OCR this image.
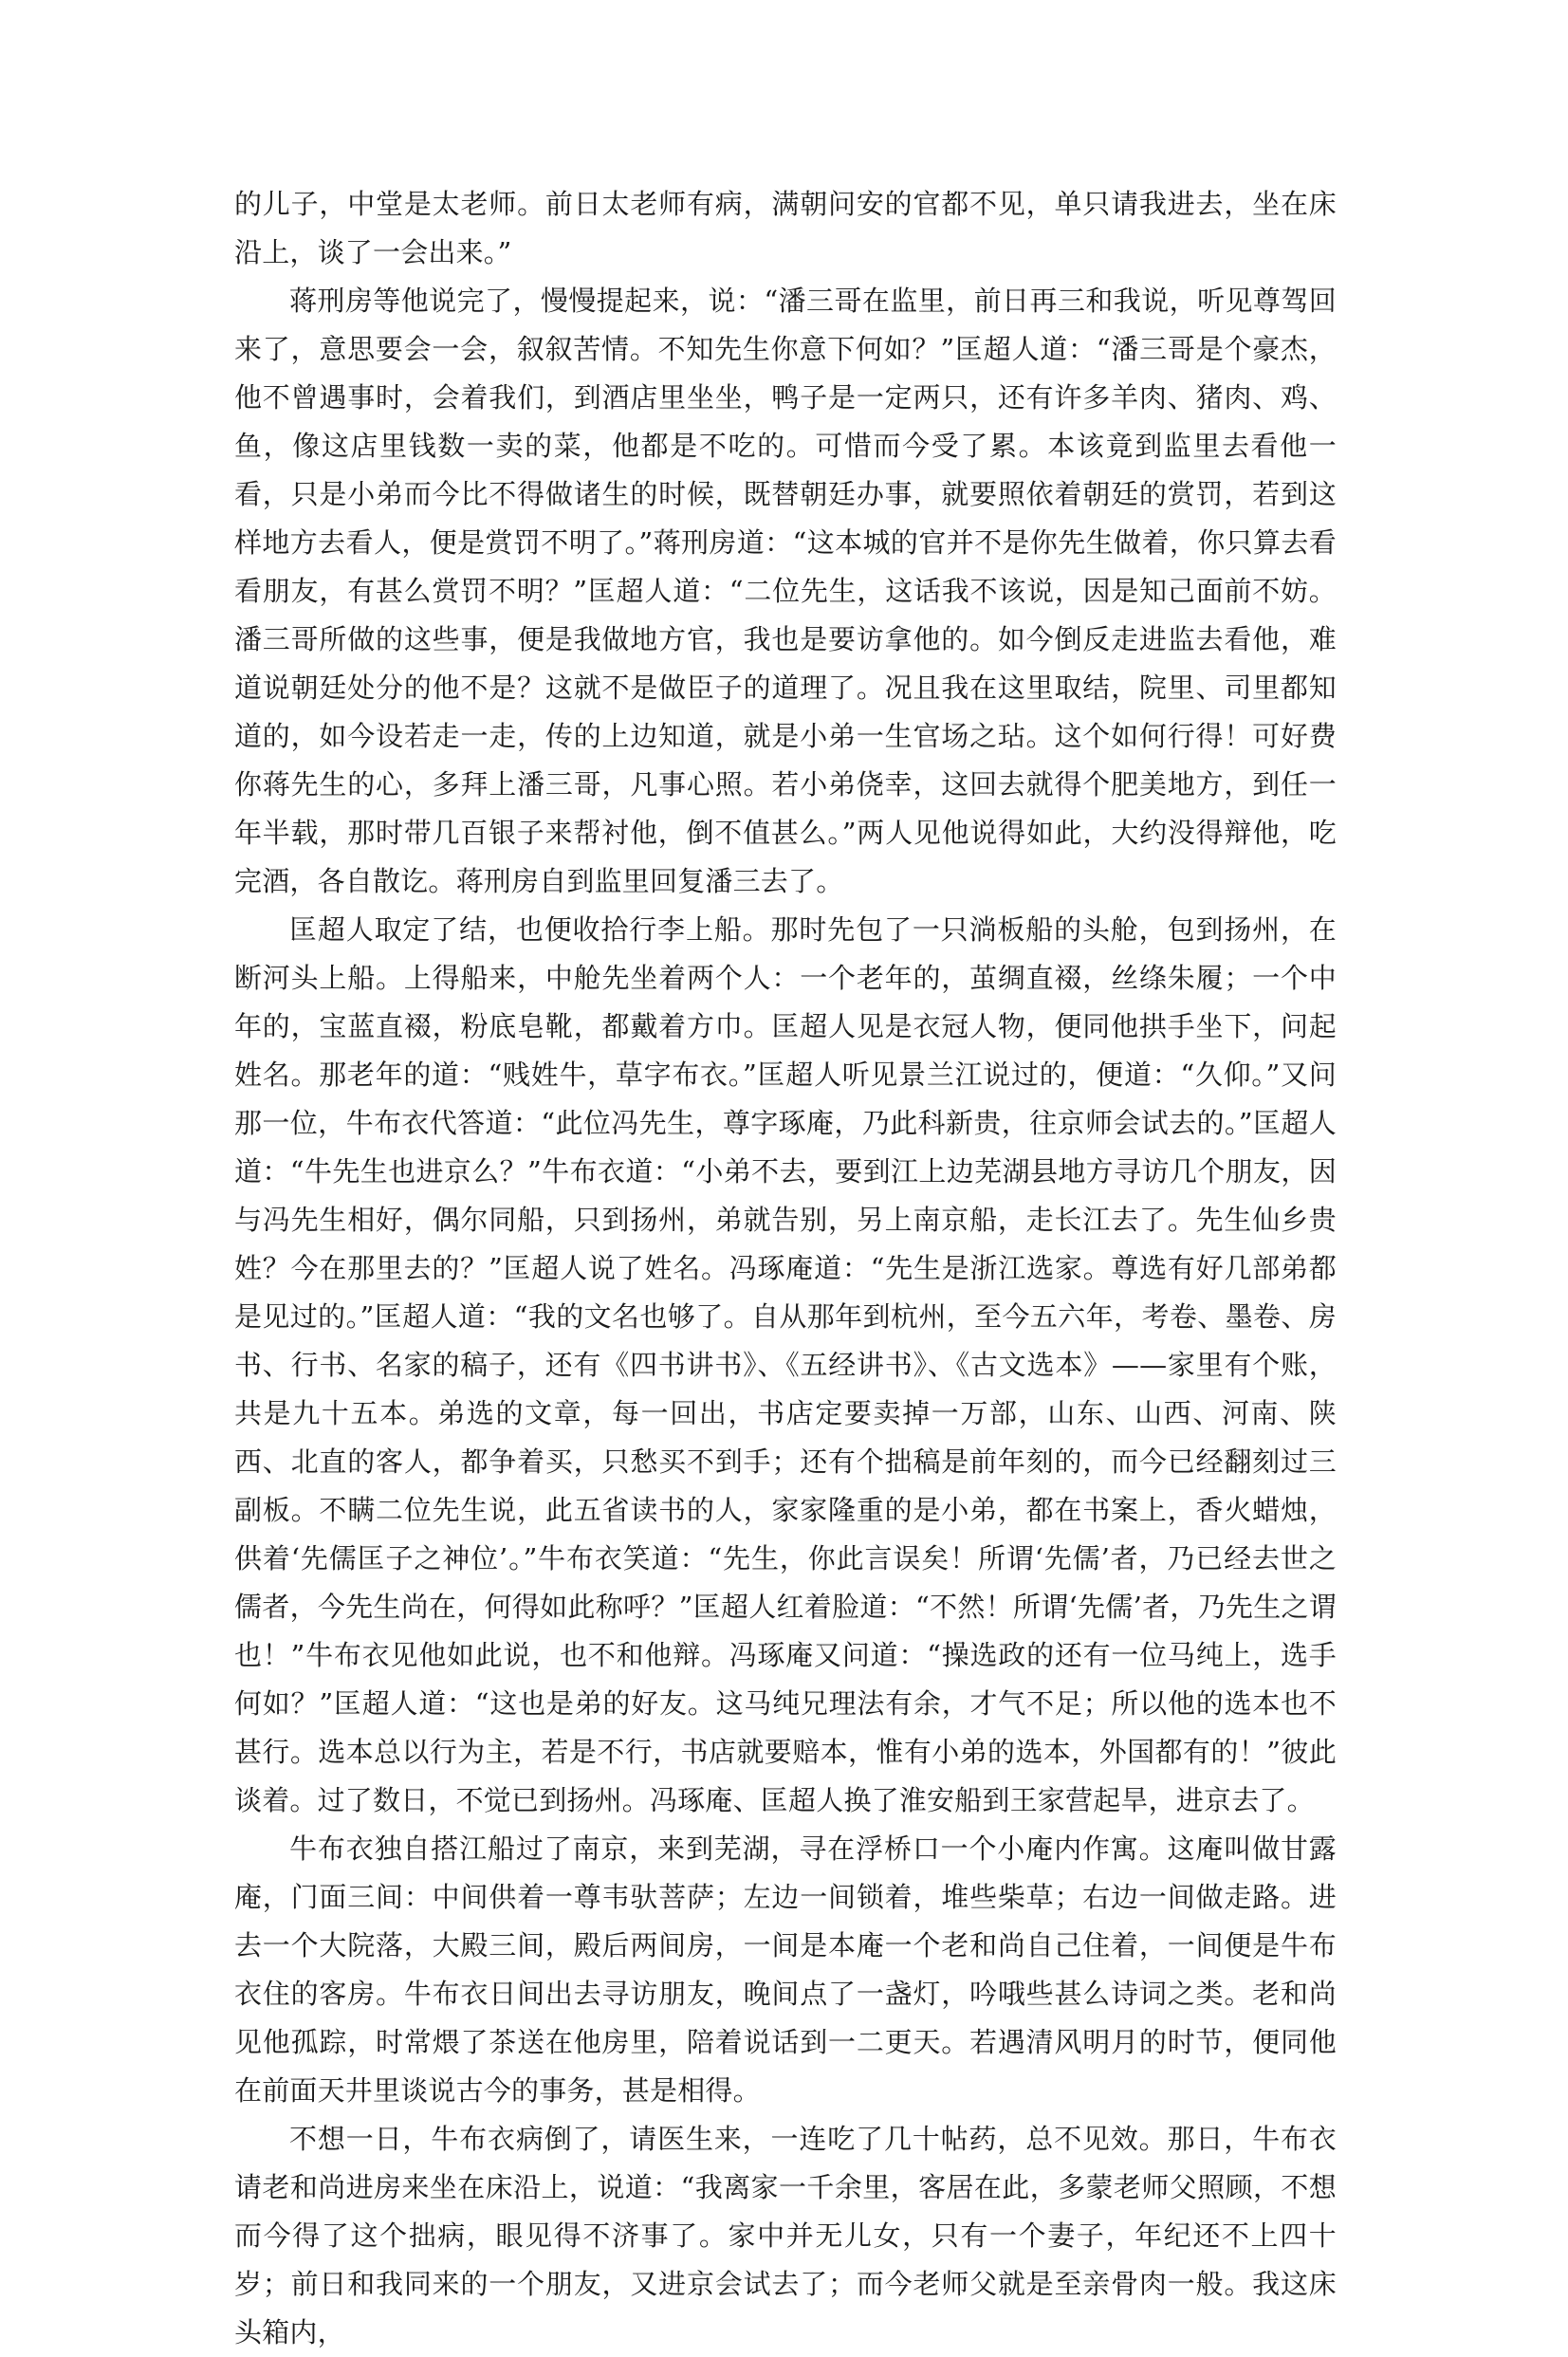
的儿子，中堂是太老师。前日太老师有病，满朝问安的官都不见，单只请我进去，坐在床沿上，谈了一会出来。”

蒋刑房等他说完了，慢慢提起来，说：“潘三哥在监里，前日再三和我说，听见尊驾回来了，意思要会一会，叙叙苦情。不知先生你意下何如？”匡超人道：“潘三哥是个豪杰，他不曾遇事时，会着我们，到酒店里坐坐，鸭子是一定两只，还有许多羊肉、猪肉、鸡、鱼，像这店里钱数一卖的菜，他都是不吃的。可惜而今受了累。本该竟到监里去看他一看，只是小弟而今比不得做诸生的时候，既替朝廷办事，就要照依着朝廷的赏罚，若到这样地方去看人，便是赏罚不明了。”蒋刑房道：“这本城的官并不是你先生做着，你只算去看看朋友，有甚么赏罚不明？”匡超人道：“二位先生，这话我不该说，因是知己面前不妨。潘三哥所做的这些事，便是我做地方官，我也是要访拿他的。如今倒反走进监去看他，难道说朝廷处分的他不是？这就不是做臣子的道理了。况且我在这里取结，院里、司里都知道的，如今设若走一走，传的上边知道，就是小弟一生官场之玷。这个如何行得！可好费你蒋先生的心，多拜上潘三哥，凡事心照。若小弟侥幸，这回去就得个肥美地方，到任一年半载，那时带几百银子来帮衬他，倒不值甚么。”两人见他说得如此，大约没得辩他，吃完酒，各自散讫。蒋刑房自到监里回复潘三去了。

匡超人取定了结，也便收拾行李上船。那时先包了一只淌板船的头舱，包到扬州，在断河头上船。上得船来，中舱先坐着两个人：一个老年的，茧绸直裰，丝绦朱履；一个中年的，宝蓝直裰，粉底皂靴，都戴着方巾。匡超人见是衣冠人物，便同他拱手坐下，问起姓名。那老年的道：“贱姓牛，草字布衣。”匡超人听见景兰江说过的，便道：“久仰。”又问那一位，牛布衣代答道：“此位冯先生，尊字琢庵，乃此科新贵，往京师会试去的。”匡超人道：“牛先生也进京么？”牛布衣道：“小弟不去，要到江上边芜湖县地方寻访几个朋友，因与冯先生相好，偶尔同船，只到扬州，弟就告别，另上南京船，走长江去了。先生仙乡贵姓？今在那里去的？”匡超人说了姓名。冯琢庵道：“先生是浙江选家。尊选有好几部弟都是见过的。”匡超人道：“我的文名也够了。自从那年到杭州，至今五六年，考卷、墨卷、房书、行书、名家的稿子，还有《四书讲书》、《五经讲书》、《古文选本》——家里有个账，共是九十五本。弟选的文章，每一回出，书店定要卖掉一万部，山东、山西、河南、陕西、北直的客人，都争着买，只愁买不到手；还有个拙稿是前年刻的，而今已经翻刻过三副板。不瞒二位先生说，此五省读书的人，家家隆重的是小弟，都在书案上，香火蜡烛，供着‘先儒匡子之神位’。”牛布衣笑道：“先生，你此言误矣！所谓‘先儒’者，乃已经去世之儒者，今先生尚在，何得如此称呼？”匡超人红着脸道：“不然！所谓‘先儒’者，乃先生之谓也！”牛布衣见他如此说，也不和他辩。冯琢庵又问道：“操选政的还有一位马纯上，选手何如？”匡超人道：“这也是弟的好友。这马纯兄理法有余，才气不足；所以他的选本也不甚行。选本总以行为主，若是不行，书店就要赔本，惟有小弟的选本，外国都有的！”彼此谈着。过了数日，不觉已到扬州。冯琢庵、匡超人换了淮安船到王家营起旱，进京去了。

牛布衣独自搭江船过了南京，来到芜湖，寻在浮桥口一个小庵内作寓。这庵叫做甘露庵，门面三间：中间供着一尊韦驮菩萨；左边一间锁着，堆些柴草；右边一间做走路。进去一个大院落，大殿三间，殿后两间房，一间是本庵一个老和尚自己住着，一间便是牛布衣住的客房。牛布衣日间出去寻访朋友，晚间点了一盏灯，吟哦些甚么诗词之类。老和尚见他孤踪，时常煨了茶送在他房里，陪着说话到一二更天。若遇清风明月的时节，便同他在前面天井里谈说古今的事务，甚是相得。

不想一日，牛布衣病倒了，请医生来，一连吃了几十帖药，总不见效。那日，牛布衣请老和尚进房来坐在床沿上，说道：“我离家一千余里，客居在此，多蒙老师父照顾，不想而今得了这个拙病，眼见得不济事了。家中并无儿女，只有一个妻子，年纪还不上四十岁；前日和我同来的一个朋友，又进京会试去了；而今老师父就是至亲骨肉一般。我这床头箱内，
